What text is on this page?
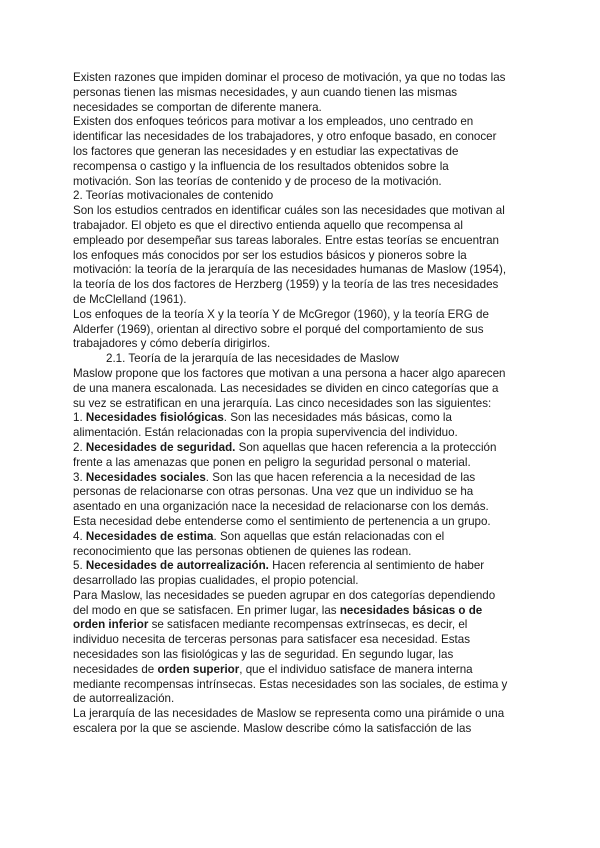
Existen razones que impiden dominar el proceso de motivación, ya que no todas las
personas tienen las mismas necesidades, y aun cuando tienen las mismas
necesidades se comportan de diferente manera.
Existen dos enfoques teóricos para motivar a los empleados, uno centrado en
identificar las necesidades de los trabajadores, y otro enfoque basado, en conocer
los factores que generan las necesidades y en estudiar las expectativas de
recompensa o castigo y la influencia de los resultados obtenidos sobre la
motivación. Son las teorías de contenido y de proceso de la motivación.
2. Teorías motivacionales de contenido
Son los estudios centrados en identificar cuáles son las necesidades que motivan al
trabajador. El objeto es que el directivo entienda aquello que recompensa al
empleado por desempeñar sus tareas laborales. Entre estas teorías se encuentran
los enfoques más conocidos por ser los estudios básicos y pioneros sobre la
motivación: la teoría de la jerarquía de las necesidades humanas de Maslow (1954),
la teoría de los dos factores de Herzberg (1959) y la teoría de las tres necesidades
de McClelland (1961).
Los enfoques de la teoría X y la teoría Y de McGregor (1960), y la teoría ERG de
Alderfer (1969), orientan al directivo sobre el porqué del comportamiento de sus
trabajadores y cómo debería dirigirlos.
2.1. Teoría de la jerarquía de las necesidades de Maslow
Maslow propone que los factores que motivan a una persona a hacer algo aparecen
de una manera escalonada. Las necesidades se dividen en cinco categorías que a
su vez se estratifican en una jerarquía. Las cinco necesidades son las siguientes:
1. Necesidades fisiológicas. Son las necesidades más básicas, como la
alimentación. Están relacionadas con la propia supervivencia del individuo.
2. Necesidades de seguridad. Son aquellas que hacen referencia a la protección
frente a las amenazas que ponen en peligro la seguridad personal o material.
3. Necesidades sociales. Son las que hacen referencia a la necesidad de las
personas de relacionarse con otras personas. Una vez que un individuo se ha
asentado en una organización nace la necesidad de relacionarse con los demás.
Esta necesidad debe entenderse como el sentimiento de pertenencia a un grupo.
4. Necesidades de estima. Son aquellas que están relacionadas con el
reconocimiento que las personas obtienen de quienes las rodean.
5. Necesidades de autorrealización. Hacen referencia al sentimiento de haber
desarrollado las propias cualidades, el propio potencial.
Para Maslow, las necesidades se pueden agrupar en dos categorías dependiendo
del modo en que se satisfacen. En primer lugar, las necesidades básicas o de
orden inferior se satisfacen mediante recompensas extrínsecas, es decir, el
individuo necesita de terceras personas para satisfacer esa necesidad. Estas
necesidades son las fisiológicas y las de seguridad. En segundo lugar, las
necesidades de orden superior, que el individuo satisface de manera interna
mediante recompensas intrínsecas. Estas necesidades son las sociales, de estima y
de autorrealización.
La jerarquía de las necesidades de Maslow se representa como una pirámide o una
escalera por la que se asciende. Maslow describe cómo la satisfacción de las
